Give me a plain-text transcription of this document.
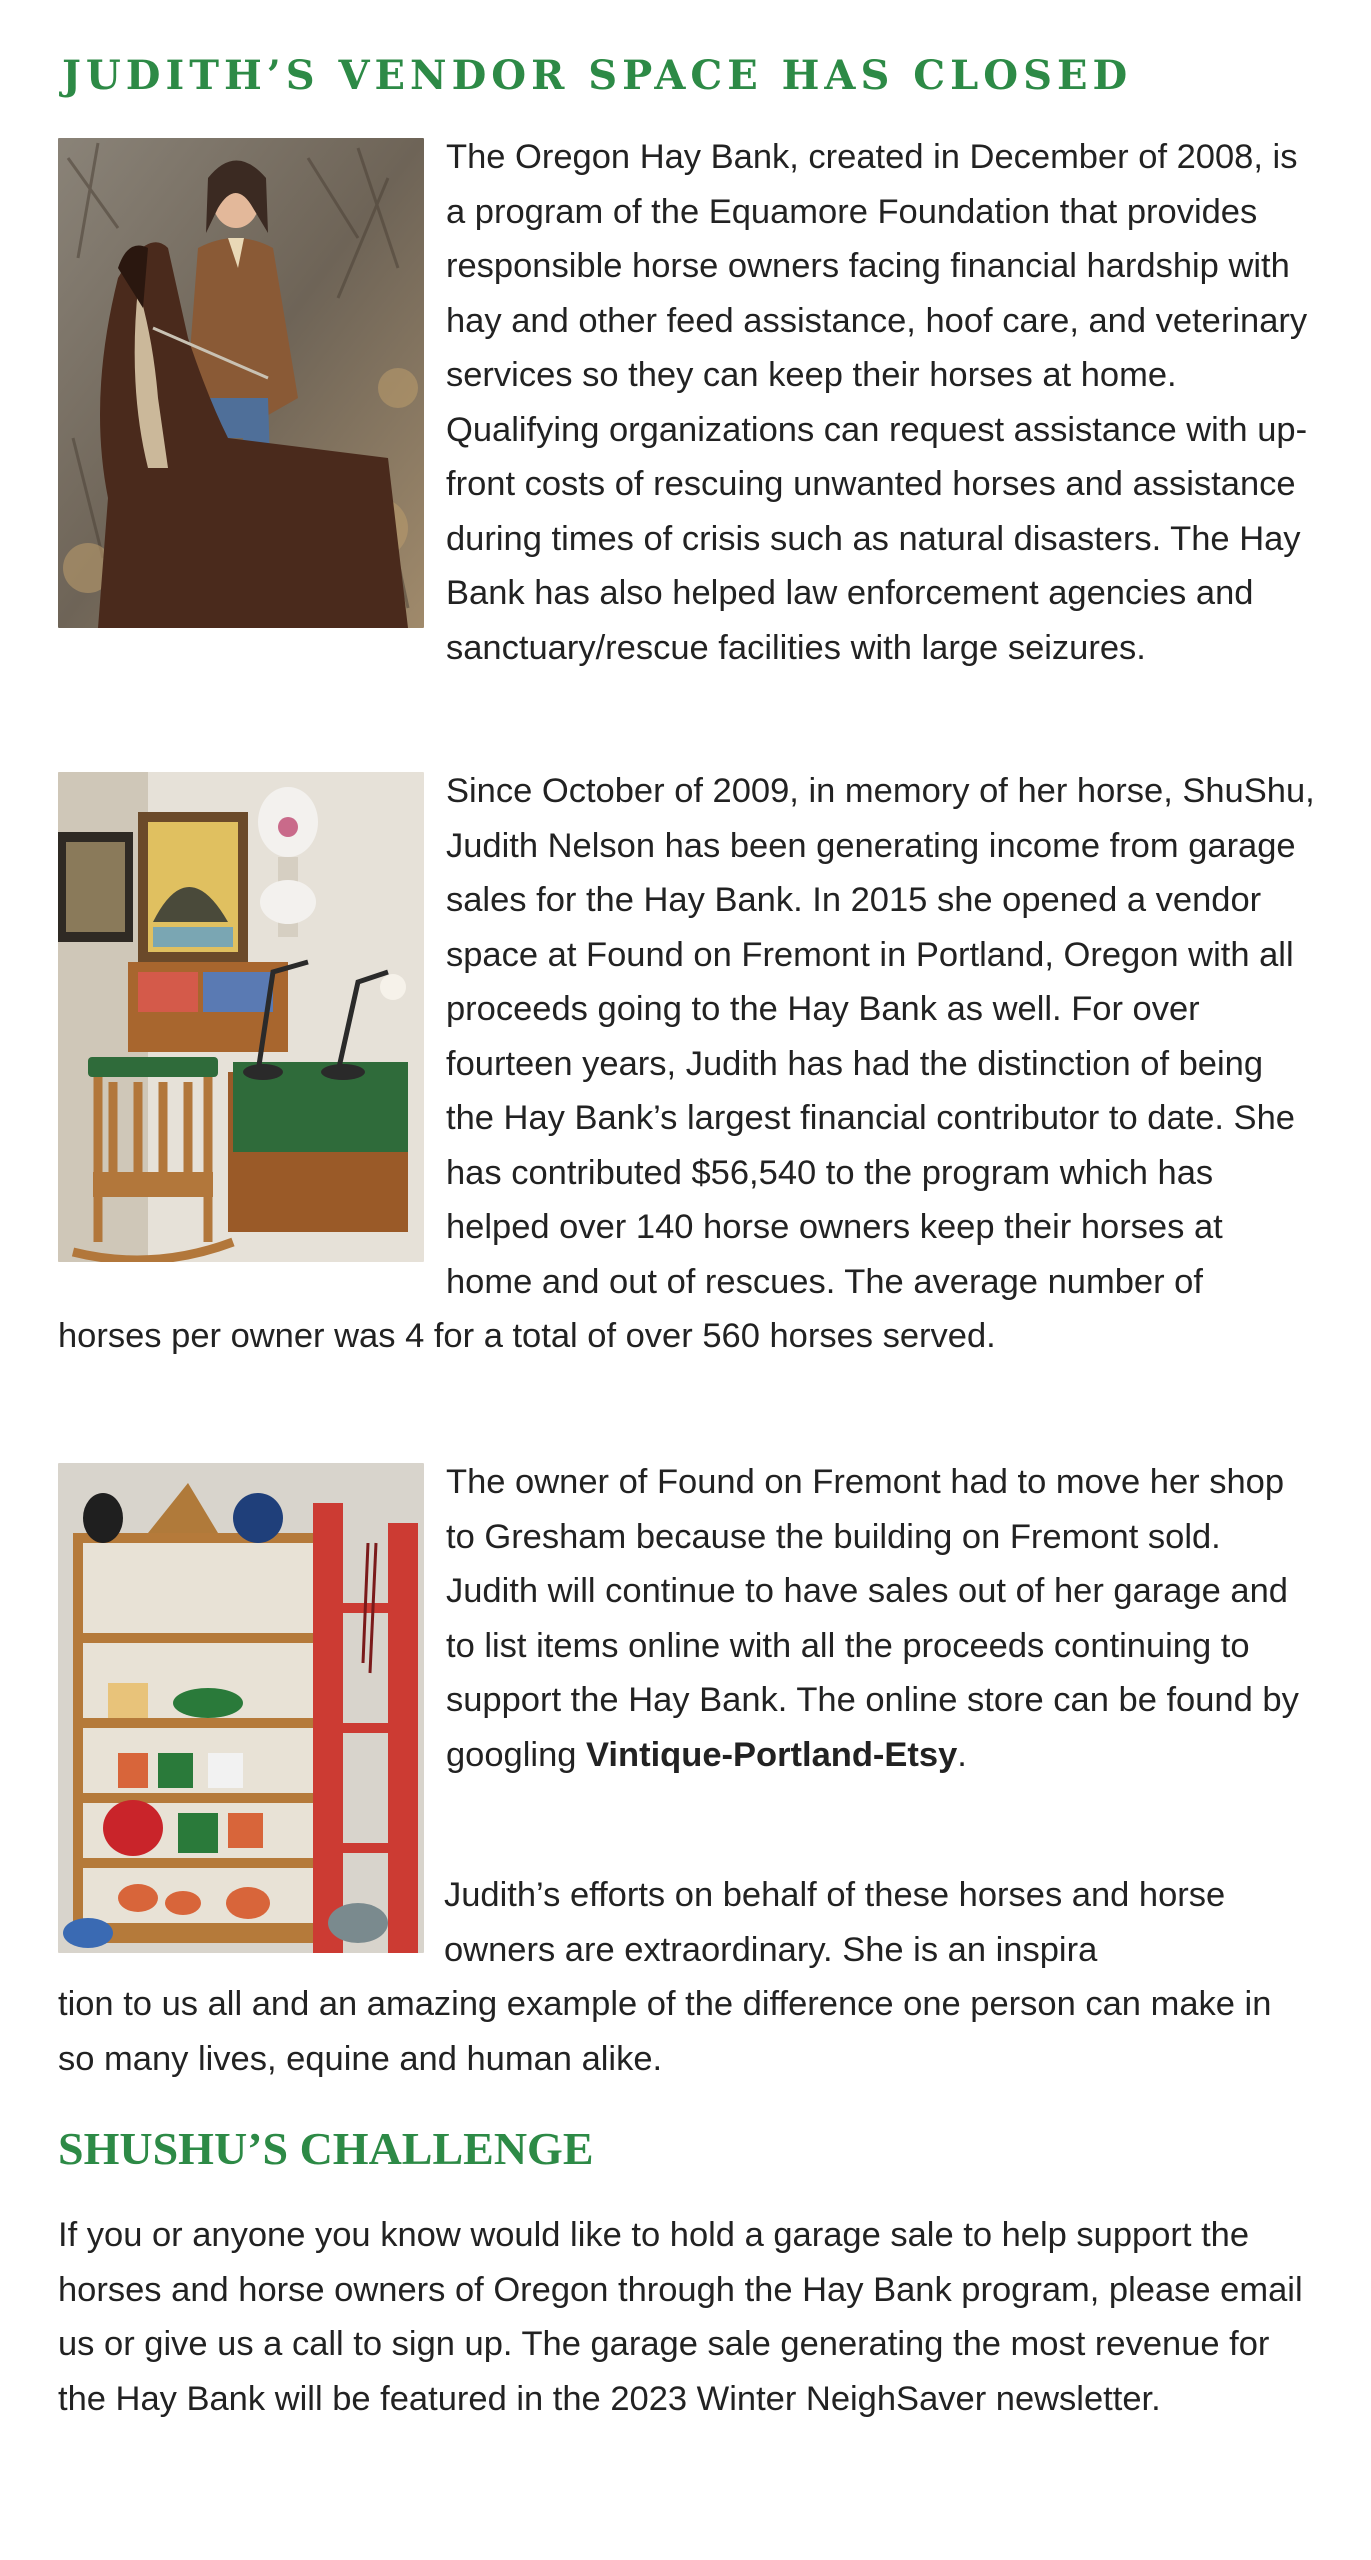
JUDITH’S VENDOR SPACE HAS CLOSED

The Oregon Hay Bank, created in December of 2008, is a program of the Equamore Foundation that provides responsible horse owners facing financial hardship with hay and other feed assistance, hoof care, and veterinary services so they can keep their horses at home. Qualifying organizations can request assistance with up-front costs of rescuing unwanted horses and assistance during times of crisis such as natural disasters. The Hay Bank has also helped law enforcement agencies and sanctuary/rescue facilities with large seizures.

Since October of 2009, in memory of her horse, ShuShu, Judith Nelson has been generating income from garage sales for the Hay Bank. In 2015 she opened a vendor space at Found on Fremont in Portland, Oregon with all proceeds going to the Hay Bank as well. For over fourteen years, Judith has had the distinction of being the Hay Bank’s largest financial contributor to date. She has contributed $56,540 to the program which has helped over 140 horse owners keep their horses at home and out of rescues. The average number of horses per owner was 4 for a total of over 560 horses served.

The owner of Found on Fremont had to move her shop to Gresham because the building on Fremont sold. Judith will continue to have sales out of her garage and to list items online with all the proceeds continuing to support the Hay Bank. The online store can be found by googling Vintique-Portland-Etsy.

Judith’s efforts on behalf of these horses and horse owners are extraordinary. She is an inspira

tion to us all and an amazing example of the difference one person can make in so many lives, equine and human alike.

SHUSHU’S CHALLENGE

If you or anyone you know would like to hold a garage sale to help support the horses and horse owners of Oregon through the Hay Bank program, please email us or give us a call to sign up. The garage sale generating the most revenue for the Hay Bank will be featured in the 2023 Winter NeighSaver newsletter.
